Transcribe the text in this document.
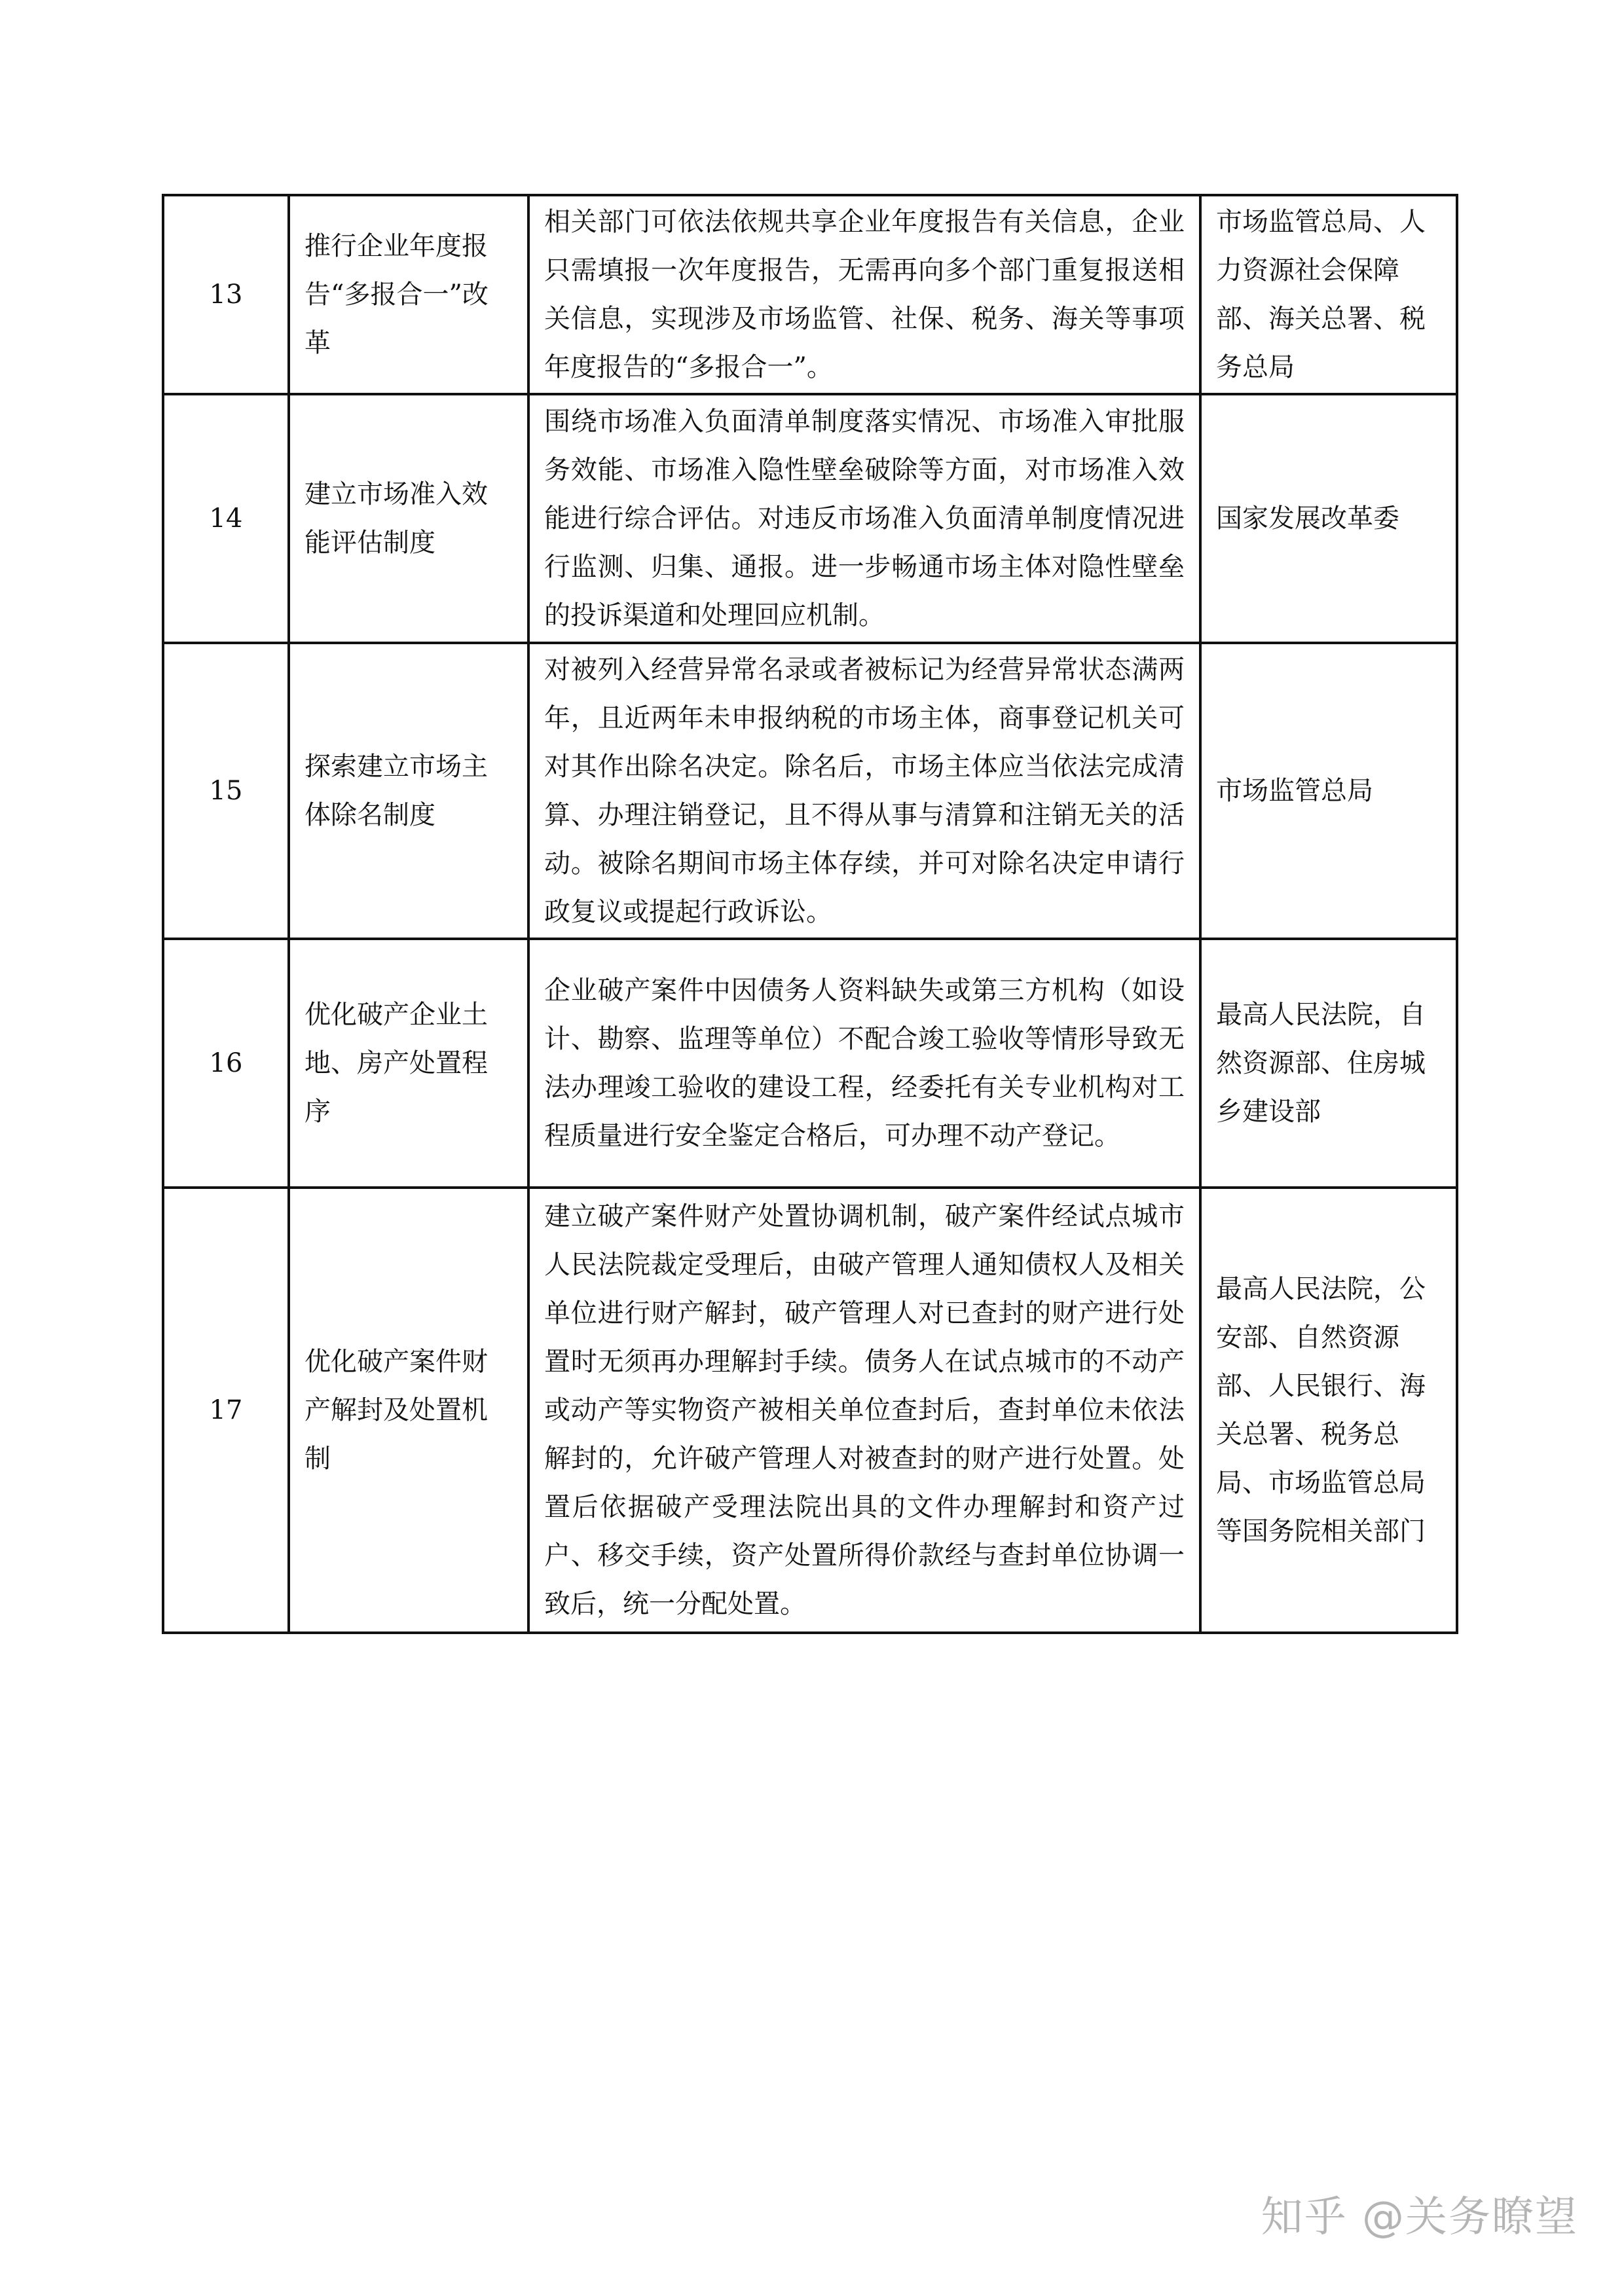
13	推行企业年度报告“多报合一”改革	相关部门可依法依规共享企业年度报告有关信息，企业只需填报一次年度报告，无需再向多个部门重复报送相关信息，实现涉及市场监管、社保、税务、海关等事项年度报告的“多报合一”。	市场监管总局、人力资源社会保障部、海关总署、税务总局
14	建立市场准入效能评估制度	围绕市场准入负面清单制度落实情况、市场准入审批服务效能、市场准入隐性壁垒破除等方面，对市场准入效能进行综合评估。对违反市场准入负面清单制度情况进行监测、归集、通报。进一步畅通市场主体对隐性壁垒的投诉渠道和处理回应机制。	国家发展改革委
15	探索建立市场主体除名制度	对被列入经营异常名录或者被标记为经营异常状态满两年，且近两年未申报纳税的市场主体，商事登记机关可对其作出除名决定。除名后，市场主体应当依法完成清算、办理注销登记，且不得从事与清算和注销无关的活动。被除名期间市场主体存续，并可对除名决定申请行政复议或提起行政诉讼。	市场监管总局
16	优化破产企业土地、房产处置程序	企业破产案件中因债务人资料缺失或第三方机构（如设计、勘察、监理等单位）不配合竣工验收等情形导致无法办理竣工验收的建设工程，经委托有关专业机构对工程质量进行安全鉴定合格后，可办理不动产登记。	最高人民法院，自然资源部、住房城乡建设部
17	优化破产案件财产解封及处置机制	建立破产案件财产处置协调机制，破产案件经试点城市人民法院裁定受理后，由破产管理人通知债权人及相关单位进行财产解封，破产管理人对已查封的财产进行处置时无须再办理解封手续。债务人在试点城市的不动产或动产等实物资产被相关单位查封后，查封单位未依法解封的，允许破产管理人对被查封的财产进行处置。处置后依据破产受理法院出具的文件办理解封和资产过户、移交手续，资产处置所得价款经与查封单位协调一致后，统一分配处置。	最高人民法院，公安部、自然资源部、人民银行、海关总署、税务总局、市场监管总局等国务院相关部门
知乎 @关务瞭望
